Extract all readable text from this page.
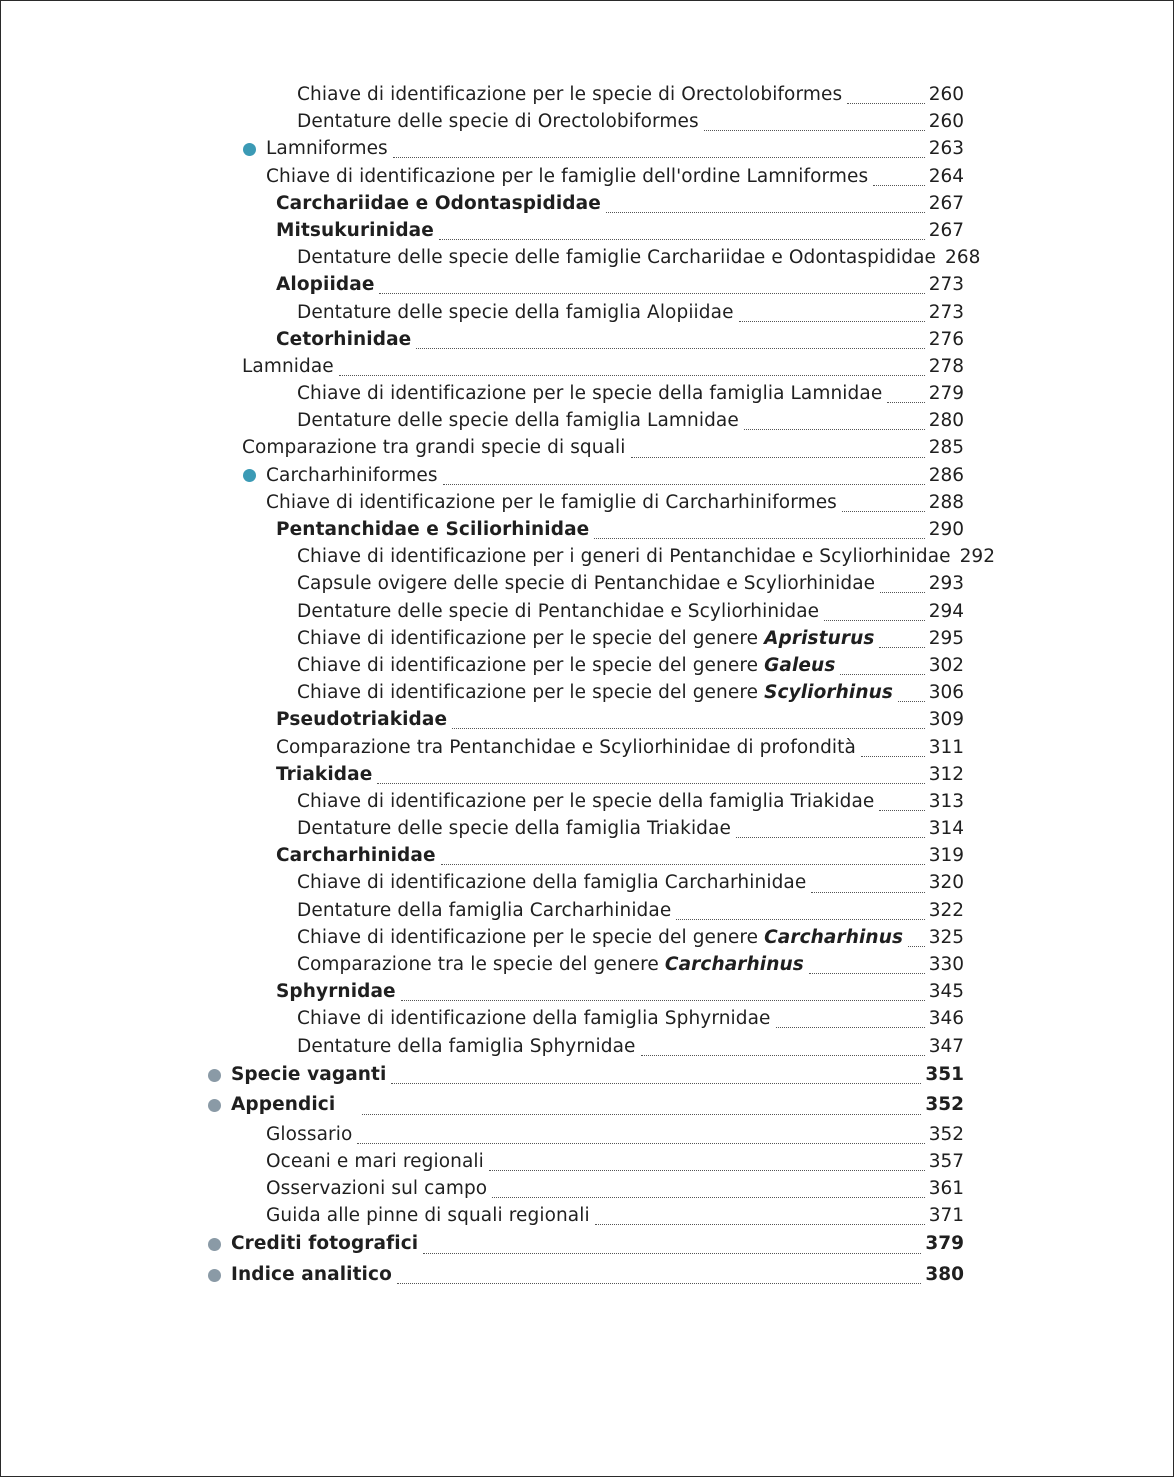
Chiave di identificazione per le specie di Orectolobiformes	260
Dentature delle specie di Orectolobiformes	260
Lamniformes	263
Chiave di identificazione per le famiglie dell'ordine Lamniformes	264
Carchariidae e Odontaspididae	267
Mitsukurinidae	267
Dentature delle specie delle famiglie Carchariidae e Odontaspididae 268
Alopiidae	273
Dentature delle specie della famiglia Alopiidae	273
Cetorhinidae	276
Lamnidae	278
Chiave di identificazione per le specie della famiglia Lamnidae	279
Dentature delle specie della famiglia Lamnidae	280
Comparazione tra grandi specie di squali	285
Carcharhiniformes	286
Chiave di identificazione per le famiglie di Carcharhiniformes	288
Pentanchidae e Sciliorhinidae	290
Chiave di identificazione per i generi di Pentanchidae e Scyliorhinidae 292
Capsule ovigere delle specie di Pentanchidae e Scyliorhinidae	293
Dentature delle specie di Pentanchidae e Scyliorhinidae	294
Chiave di identificazione per le specie del genere Apristurus	295
Chiave di identificazione per le specie del genere Galeus	302
Chiave di identificazione per le specie del genere Scyliorhinus 306
Pseudotriakidae	309
Comparazione tra Pentanchidae e Scyliorhinidae di profondità	311
Triakidae	312
Chiave di identificazione per le specie della famiglia Triakidae	313
Dentature delle specie della famiglia Triakidae	314
Carcharhinidae	319
Chiave di identificazione della famiglia Carcharhinidae	320
Dentature della famiglia Carcharhinidae	322
Chiave di identificazione per le specie del genere Carcharhinus 325
Comparazione tra le specie del genere Carcharhinus	330
Sphyrnidae	345
Chiave di identificazione della famiglia Sphyrnidae	346
Dentature della famiglia Sphyrnidae	347
Specie vaganti	351
Appendici	352
Glossario	352
Oceani e mari regionali	357
Osservazioni sul campo	361
Guida alle pinne di squali regionali	371
Crediti fotografici	379
Indice analitico	380
